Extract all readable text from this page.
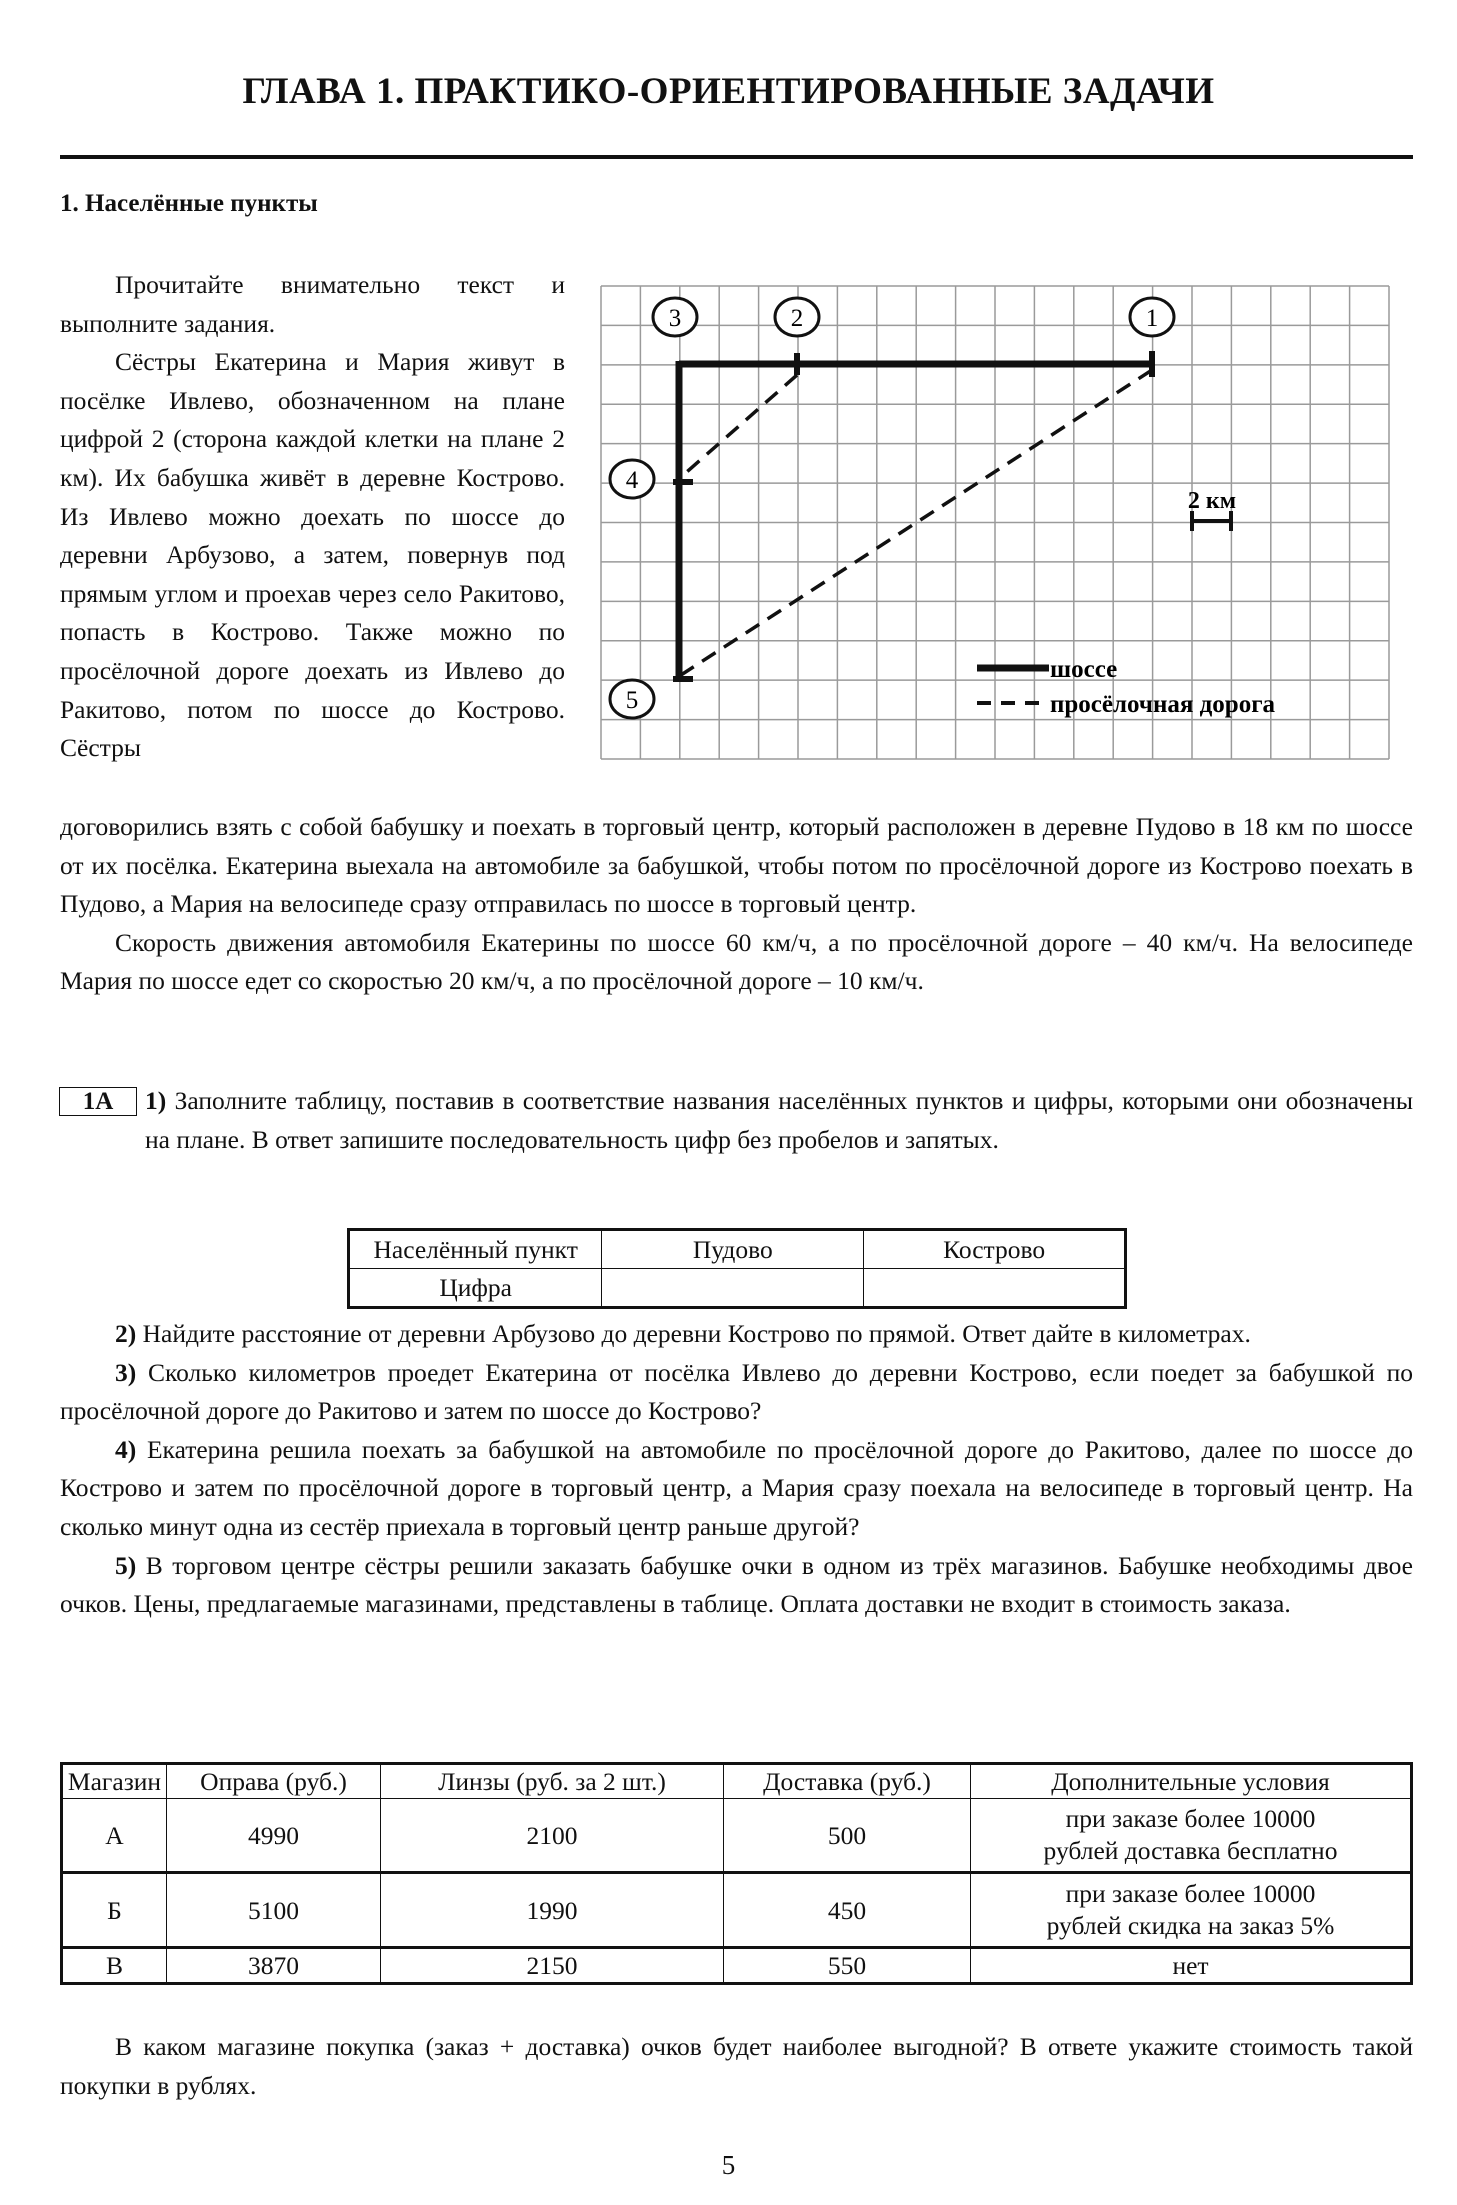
ГЛАВА 1. ПРАКТИКО-ОРИЕНТИРОВАННЫЕ ЗАДАЧИ
1. Населённые пункты

Прочитайте внимательно текст и выполните задания.

Сёстры Екатерина и Мария живут в посёлке Ивлево, обозначенном на плане цифрой 2 (сторона каждой клетки на плане 2 км). Их бабушка живёт в деревне Кострово. Из Ивлево можно доехать по шоссе до деревни Арбузово, а затем, повернув под прямым углом и проехав через село Ракитово, попасть в Кострово. Также можно по просёлочной дороге доехать из Ивлево до Ракитово, потом по шоссе до Кострово. Сёстры

3	2	1
4
5
2 км
шоссе
просёлочная дорога

договорились взять с собой бабушку и поехать в торговый центр, который расположен в деревне Пудово в 18 км по шоссе от их посёлка. Екатерина выехала на автомобиле за бабушкой, чтобы потом по просёлочной дороге из Кострово поехать в Пудово, а Мария на велосипеде сразу отправилась по шоссе в торговый центр.

Скорость движения автомобиля Екатерины по шоссе 60 км/ч, а по просёлочной дороге – 40 км/ч. На велосипеде Мария по шоссе едет со скоростью 20 км/ч, а по просёлочной дороге – 10 км/ч.

1А	1) Заполните таблицу, поставив в соответствие названия населённых пунктов и цифры, которыми они обозначены на плане. В ответ запишите последовательность цифр без пробелов и запятых.
Населённый пункт	Пудово	Кострово
Цифра		

2) Найдите расстояние от деревни Арбузово до деревни Кострово по прямой. Ответ дайте в километрах.

3) Сколько километров проедет Екатерина от посёлка Ивлево до деревни Кострово, если поедет за бабушкой по просёлочной дороге до Ракитово и затем по шоссе до Кострово?

4) Екатерина решила поехать за бабушкой на автомобиле по просёлочной дороге до Ракитово, далее по шоссе до Кострово и затем по просёлочной дороге в торговый центр, а Мария сразу поехала на велосипеде в торговый центр. На сколько минут одна из сестёр приехала в торговый центр раньше другой?

5) В торговом центре сёстры решили заказать бабушке очки в одном из трёх магазинов. Бабушке необходимы двое очков. Цены, предлагаемые магазинами, представлены в таблице. Оплата доставки не входит в стоимость заказа.

Магазин	Оправа (руб.)	Линзы (руб. за 2 шт.)	Доставка (руб.)	Дополнительные условия
А	4990	2100	500	при заказе более 10000
рублей доставка бесплатно
Б	5100	1990	450	при заказе более 10000
рублей скидка на заказ 5%
В	3870	2150	550	нет

В каком магазине покупка (заказ + доставка) очков будет наиболее выгодной? В ответе укажите стоимость такой покупки в рублях.

5
